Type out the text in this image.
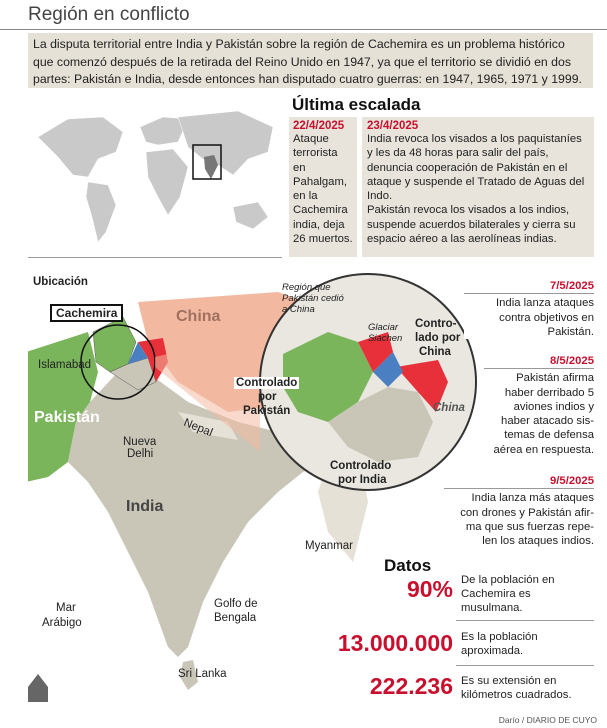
Región en conflicto
La disputa territorial entre India y Pakistán sobre la región de Cachemira es un problema histórico que comenzó después de la retirada del Reino Unido en 1947, ya que el territorio se dividió en dos partes: Pakistán e India, desde entonces han disputado cuatro guerras: en 1947, 1965, 1971 y 1999.
Última escalada
22/4/2025
Ataque terrorista en Pahalgam, en la Cachemira india, deja 26 muertos.
23/4/2025
India revoca los visados a los paquistaníes y les da 48 horas para salir del país, denuncia cooperación de Pakistán en el ataque y suspende el Tratado de Aguas del Indo.
Pakistán revoca los visados a los indios, suspende acuerdos bilaterales y cierra su espacio aéreo a las aerolíneas indias.
Ubicación
Cachemira	China
Islamabad
Pakistán
Nueva
Delhi
Nepal
India
Myanmar
Mar
Arábigo
Golfo de
Bengala
Sri Lanka
Región que
Pakistán cedió
a China
Glaciar
Siachen
Contro-
lado por
China
Controlado
por
Pakistán
Controlado
por India
China
7/5/2025
India lanza ataques
contra objetivos en
Pakistán.
8/5/2025
Pakistán afirma
haber derribado 5
aviones indios y
haber atacado sis-
temas de defensa
aérea en respuesta.
9/5/2025
India lanza más ataques
con drones y Pakistán afir-
ma que sus fuerzas repe-
len los ataques indios.
Datos
90% De la población en
Cachemira es
musulmana.
13.000.000 Es la población
aproximada.
222.236 Es su extensión en
kilómetros cuadrados.
Darío / DIARIO DE CUYO
